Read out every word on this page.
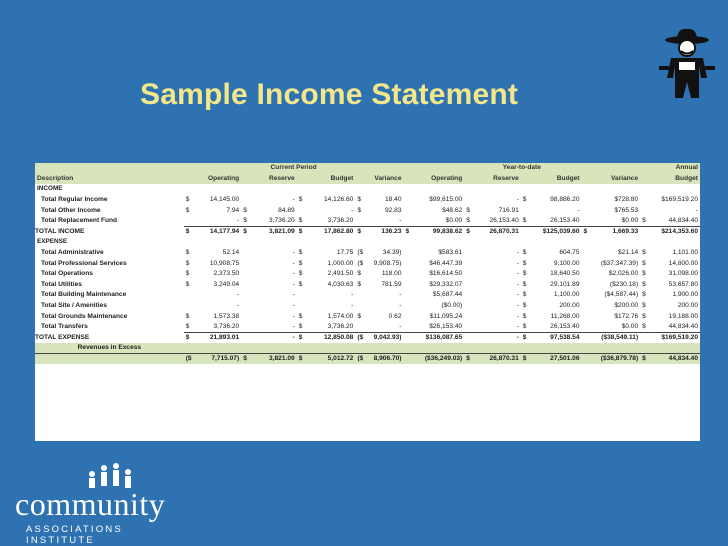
Sample Income Statement
	Current Period								Year-to-date								Annual	
Description	Operating		Reserve		Budget		Variance		Operating		Reserve		Budget		Variance		Budget	
INCOME																		
Total Regular Income	$	14,145.00		-	$	14,126.60	$	18.40		$99,615.00		-	$	98,886.20		$728.80		$169,519.20
Total Other Income	$	7.94	$	84.89		-	$	92.83		$48.62	$	716.91		-		$765.53		-
Total Replacement Fund		-	$	3,736.20	$	3,736.20		-		$0.00	$	26,153.40	$	26,153.40		$0.00	$	44,834.40
TOTAL INCOME	$	14,177.94	$	3,821.09	$	17,862.80	$	136.23	$	99,838.62	$	26,870.31		$125,039.60	$	1,669.33		$214,353.60
EXPENSE																		
Total Administrative	$	52.14		-	$	17.75	($	34.39)		$583.61		-	$	604.75		$21.14	$	1,101.00
Total Professional Services	$	10,908.75		-	$	1,000.00	($	9,908.75)		$46,447.39		-	$	9,100.00		($37,347.39)	$	14,800.00
Total Operations	$	2,373.50		-	$	2,491.50	$	118.00		$16,614.50		-	$	18,640.50		$2,026.00	$	31,098.00
Total Utilities	$	3,249.04		-	$	4,030.63	$	781.59		$29,332.07		-	$	29,101.89		($230.18)	$	53,657.80
Total Building Maintenance		-		-		-		-		$5,687.44		-	$	1,100.00		($4,587.44)	$	1,900.00
Total Site / Amenities		-		-		-		-		($0.00)		-	$	200.00		$200.00	$	200.00
Total Grounds Maintenance	$	1,573.38		-	$	1,574.00	$	0.62		$11,095.24		-	$	11,268.00		$172.76	$	19,188.00
Total Transfers	$	3,736.20		-	$	3,736.20		-		$26,153.40		-	$	26,153.40		$0.00	$	44,834.40
TOTAL EXPENSE	$	21,893.01		-	$	12,850.08	($	9,042.93)		$136,087.65		-	$	97,538.54		($38,549.11)		$169,519.20
Revenues in Excess																		
	($	7,715.07)	$	3,821.09	$	5,012.72	($	8,906.70)		($36,249.03)	$	26,870.31	$	27,501.06		($36,879.78)	$	44,834.40
community
ASSOCIATIONS INSTITUTE
